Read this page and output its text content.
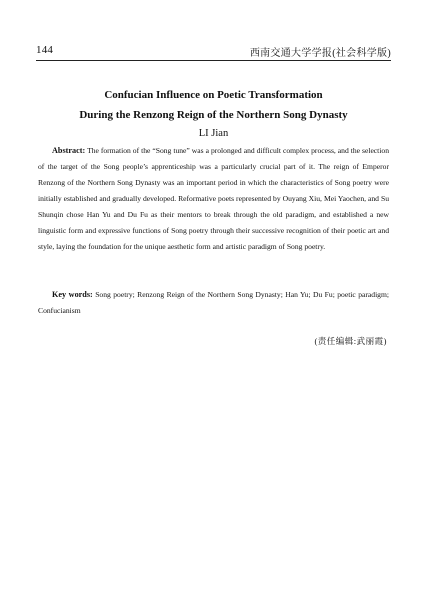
144	西南交通大学学报(社会科学版)
Confucian Influence on Poetic Transformation
During the Renzong Reign of the Northern Song Dynasty

LI Jian

Abstract: The formation of the “Song tune” was a prolonged and difficult complex process, and the selection of the target of the Song people’s apprenticeship was a particularly crucial part of it. The reign of Emperor Renzong of the Northern Song Dynasty was an important period in which the characteristics of Song poetry were initially established and gradually developed. Reformative poets represented by Ouyang Xiu, Mei Yaochen, and Su Shunqin chose Han Yu and Du Fu as their mentors to break through the old paradigm, and established a new linguistic form and expressive functions of Song poetry through their successive recognition of their poetic art and style, laying the foundation for the unique aesthetic form and artistic paradigm of Song poetry.

Key words: Song poetry; Renzong Reign of the Northern Song Dynasty; Han Yu; Du Fu; poetic paradigm; Confucianism

(责任编辑:武丽霞)
